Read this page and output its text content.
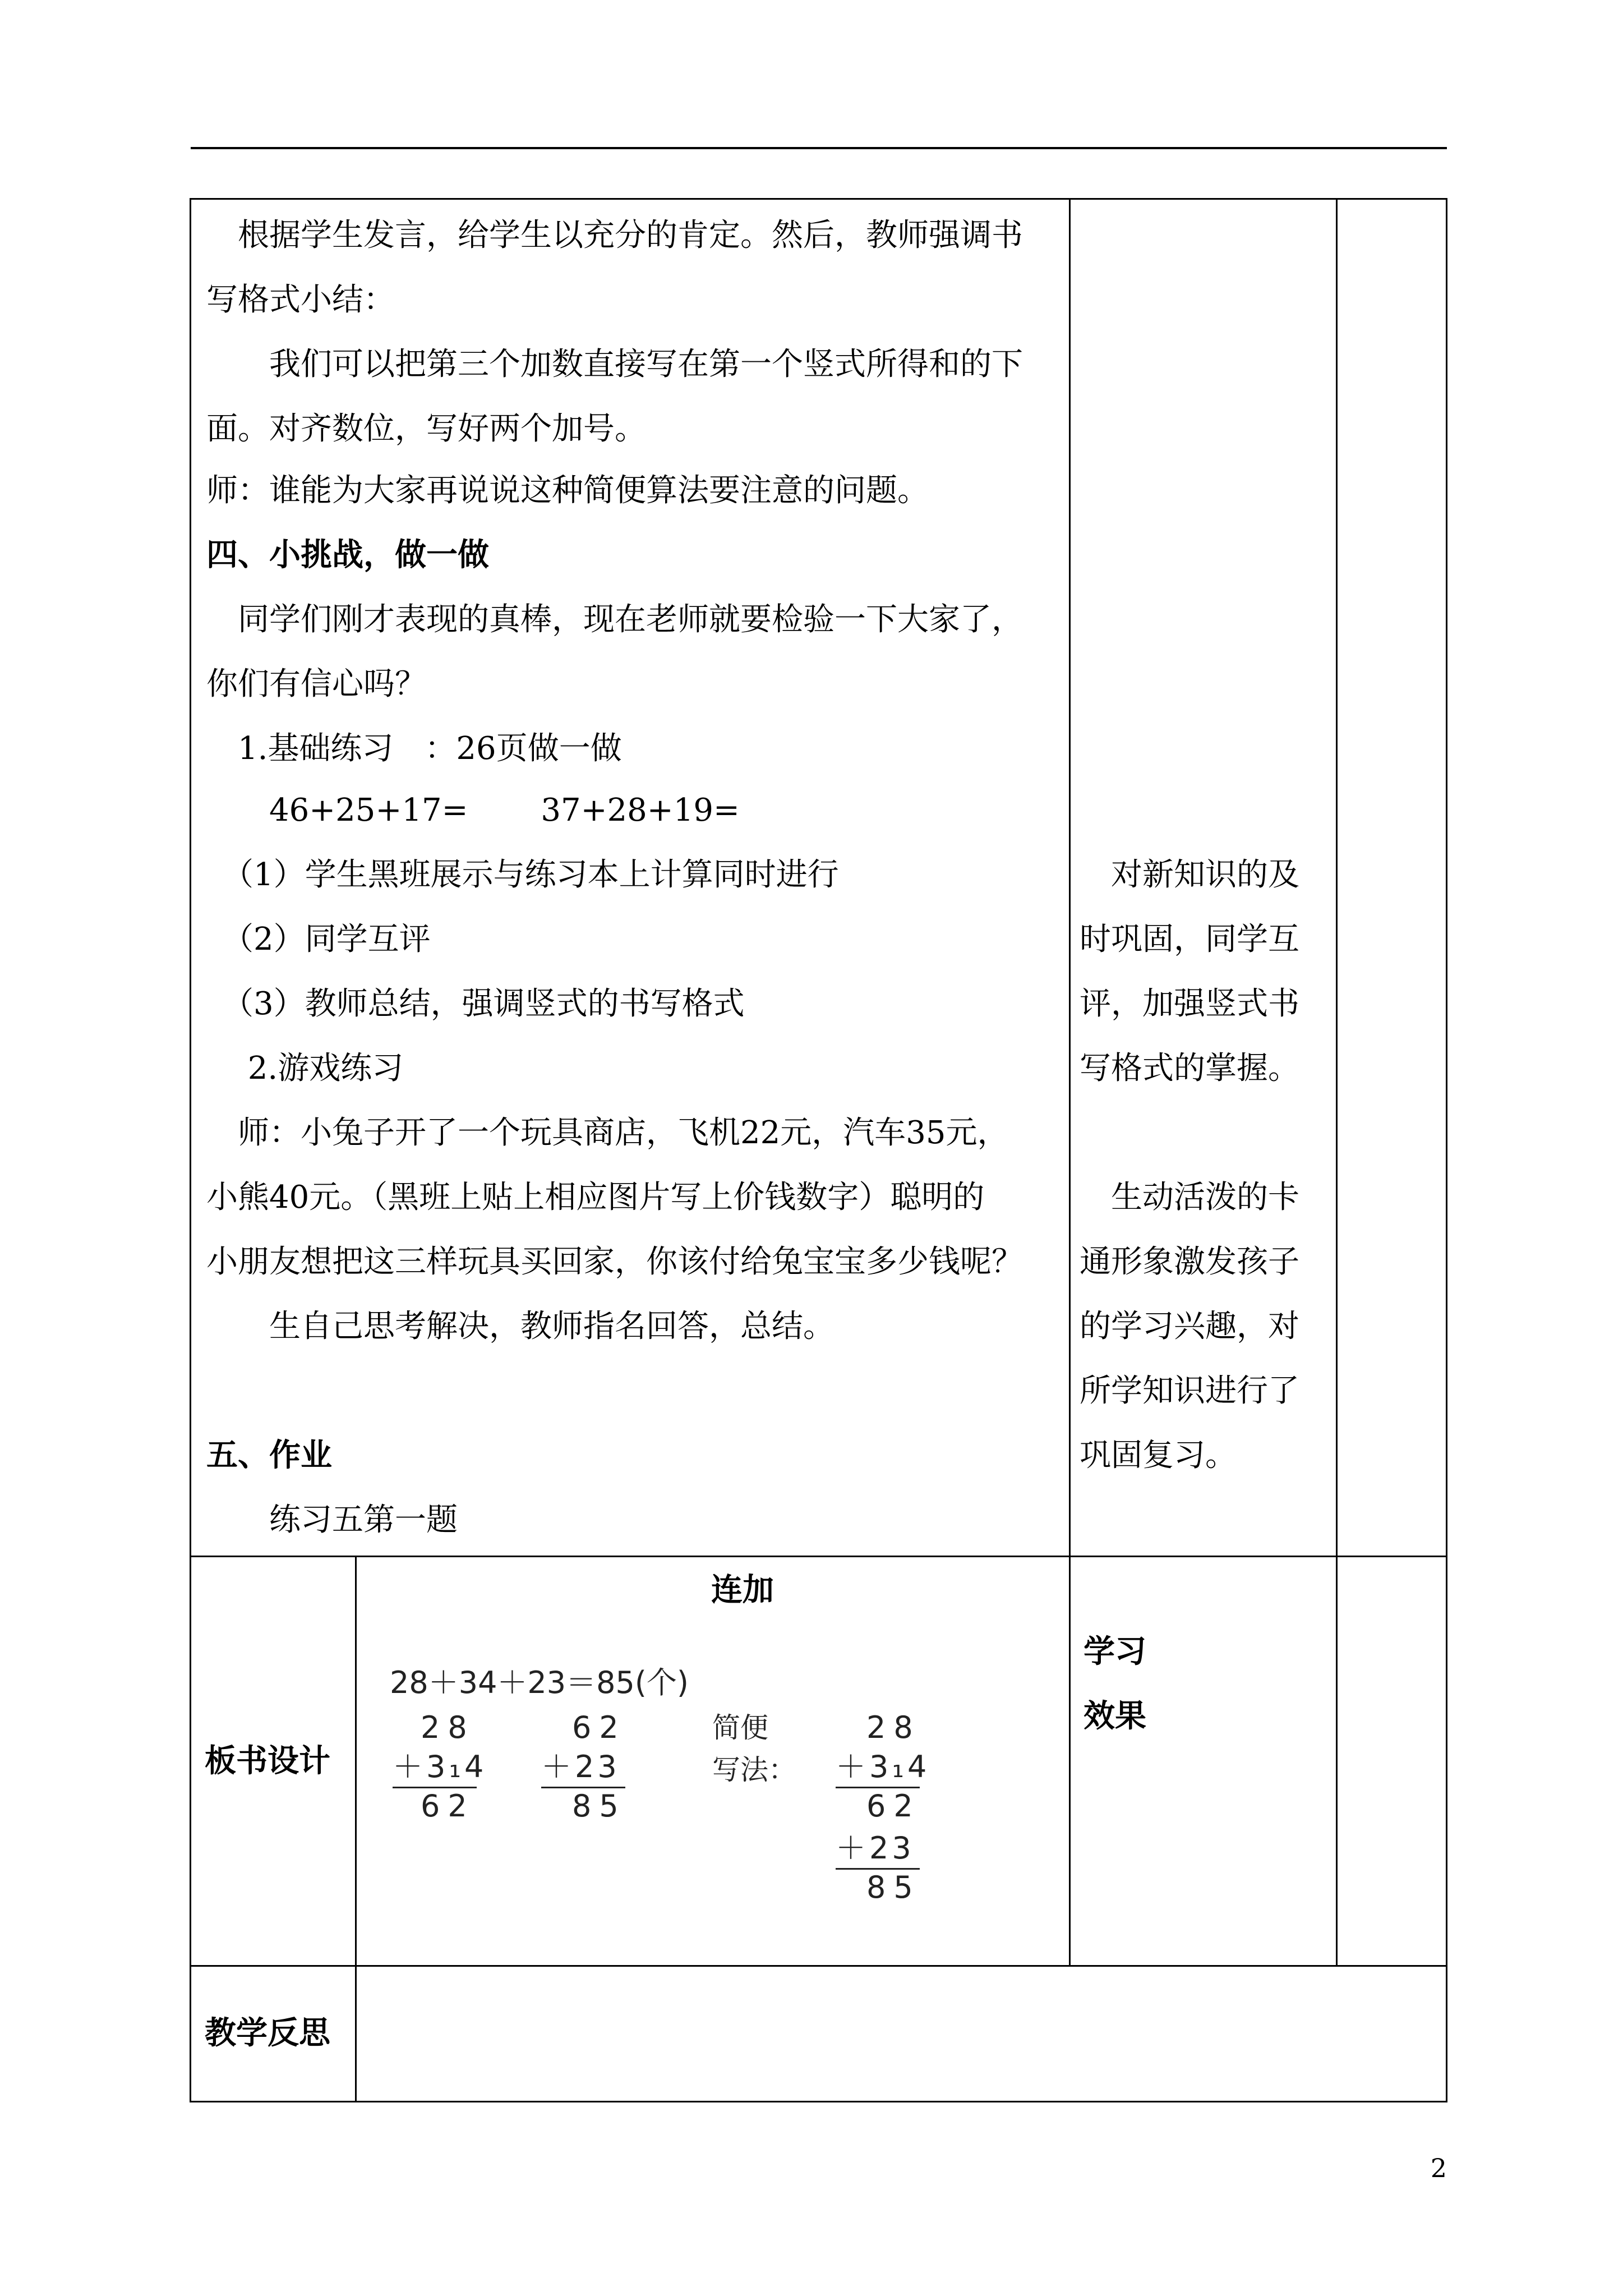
　根据学生发言，给学生以充分的肯定。然后，教师强调书
写格式小结：
　　我们可以把第三个加数直接写在第一个竖式所得和的下
面。对齐数位，写好两个加号。
师：谁能为大家再说说这种简便算法要注意的问题。
四、小挑战，做一做
　同学们刚才表现的真棒，现在老师就要检验一下大家了，
你们有信心吗？
　1.基础练习　：26页做一做
　　46+25+17=　　 37+28+19=
　（1）学生黑班展示与练习本上计算同时进行
　（2）同学互评
　（3）教师总结，强调竖式的书写格式
　 2.游戏练习
　师：小兔子开了一个玩具商店，飞机22元，汽车35元，
小熊40元。（黑班上贴上相应图片写上价钱数字）聪明的
小朋友想把这三样玩具买回家，你该付给兔宝宝多少钱呢？
　　生自己思考解决，教师指名回答，总结。
五、作业
　　练习五第一题
　对新知识的及
时巩固，同学互
评，加强竖式书
写格式的掌握。
　生动活泼的卡
通形象激发孩子
的学习兴趣，对
所学知识进行了
巩固复习。
板书设计
连加
28＋34＋23＝85(个)
28
＋3₁4
62
62
＋23
85
简便
写法：
28
＋3₁4
62
＋23
85
学习
效果
教学反思
2
